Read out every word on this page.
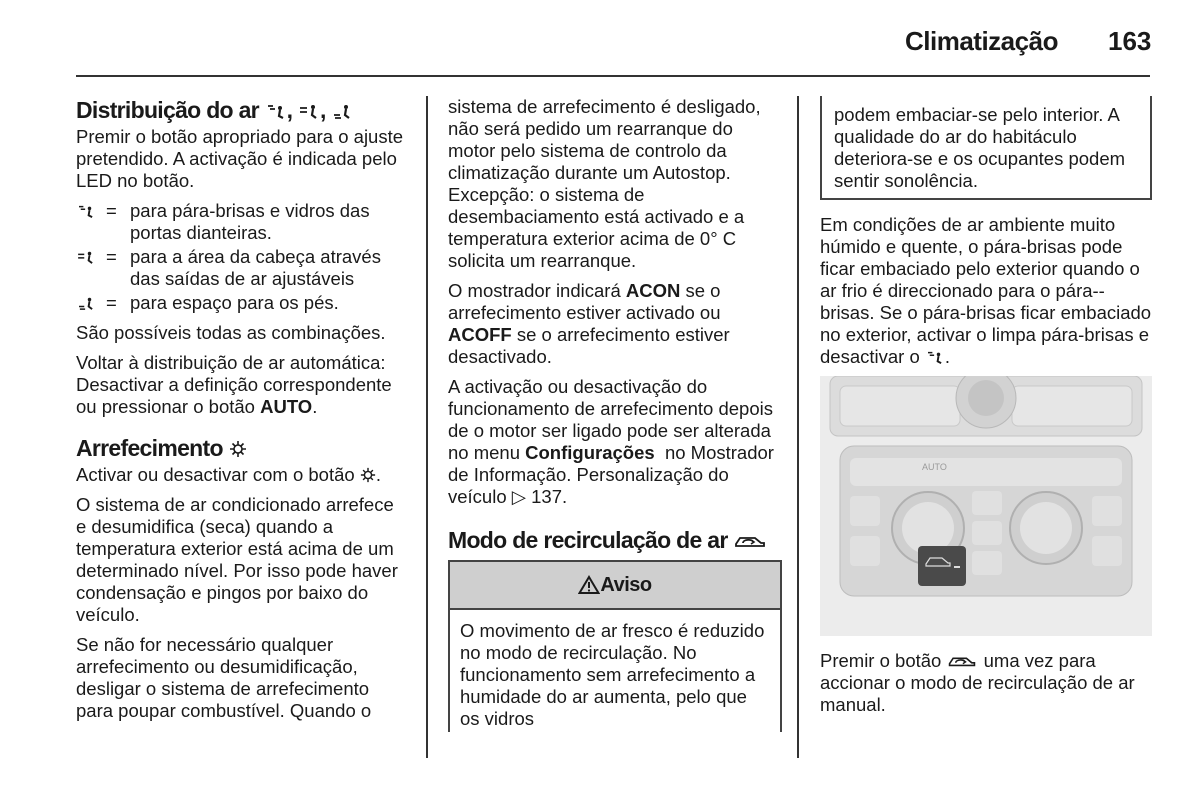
Climatização 163
Distribuição do ar , ,

Premir o botão apropriado para o ajuste pretendido. A activação é indicada pelo LED no botão.

= para pára-brisas e vidros das portas dianteiras.
= para a área da cabeça através das saídas de ar ajustáveis
= para espaço para os pés.

São possíveis todas as combinações.

Voltar à distribuição de ar automática: Desactivar a definição correspondente ou pressionar o botão AUTO.

Arrefecimento

Activar ou desactivar com o botão .

O sistema de ar condicionado arrefece e desumidifica (seca) quando a temperatura exterior está acima de um determinado nível. Por isso pode haver condensação e pingos por baixo do veículo.

Se não for necessário qualquer arrefecimento ou desumidificação, desligar o sistema de arrefecimento para poupar combustível. Quando o

sistema de arrefecimento é desligado, não será pedido um rearranque do motor pelo sistema de controlo da climatização durante um Autostop. Excepção: o sistema de desembaciamento está activado e a temperatura exterior acima de 0° C solicita um rearranque.

O mostrador indicará ACON se o arrefecimento estiver activado ou ACOFF se o arrefecimento estiver desactivado.

A activação ou desactivação do funcionamento de arrefecimento depois de o motor ser ligado pode ser alterada no menu Configurações no Mostrador de Informação. Personalização do veículo ▷ 137.

Modo de recirculação de ar
Aviso
O movimento de ar fresco é reduzido no modo de recirculação. No funcionamento sem arrefecimento a humidade do ar aumenta, pelo que os vidros
podem embaciar-se pelo interior. A qualidade do ar do habitáculo deteriora-se e os ocupantes podem sentir sonolência.

Em condições de ar ambiente muito húmido e quente, o pára-brisas pode ficar embaciado pelo exterior quando o ar frio é direccionado para o pára--brisas. Se o pára-brisas ficar embaciado no exterior, activar o limpa pára-brisas e desactivar o .

AUTO

Premir o botão uma vez para accionar o modo de recirculação de ar manual.
